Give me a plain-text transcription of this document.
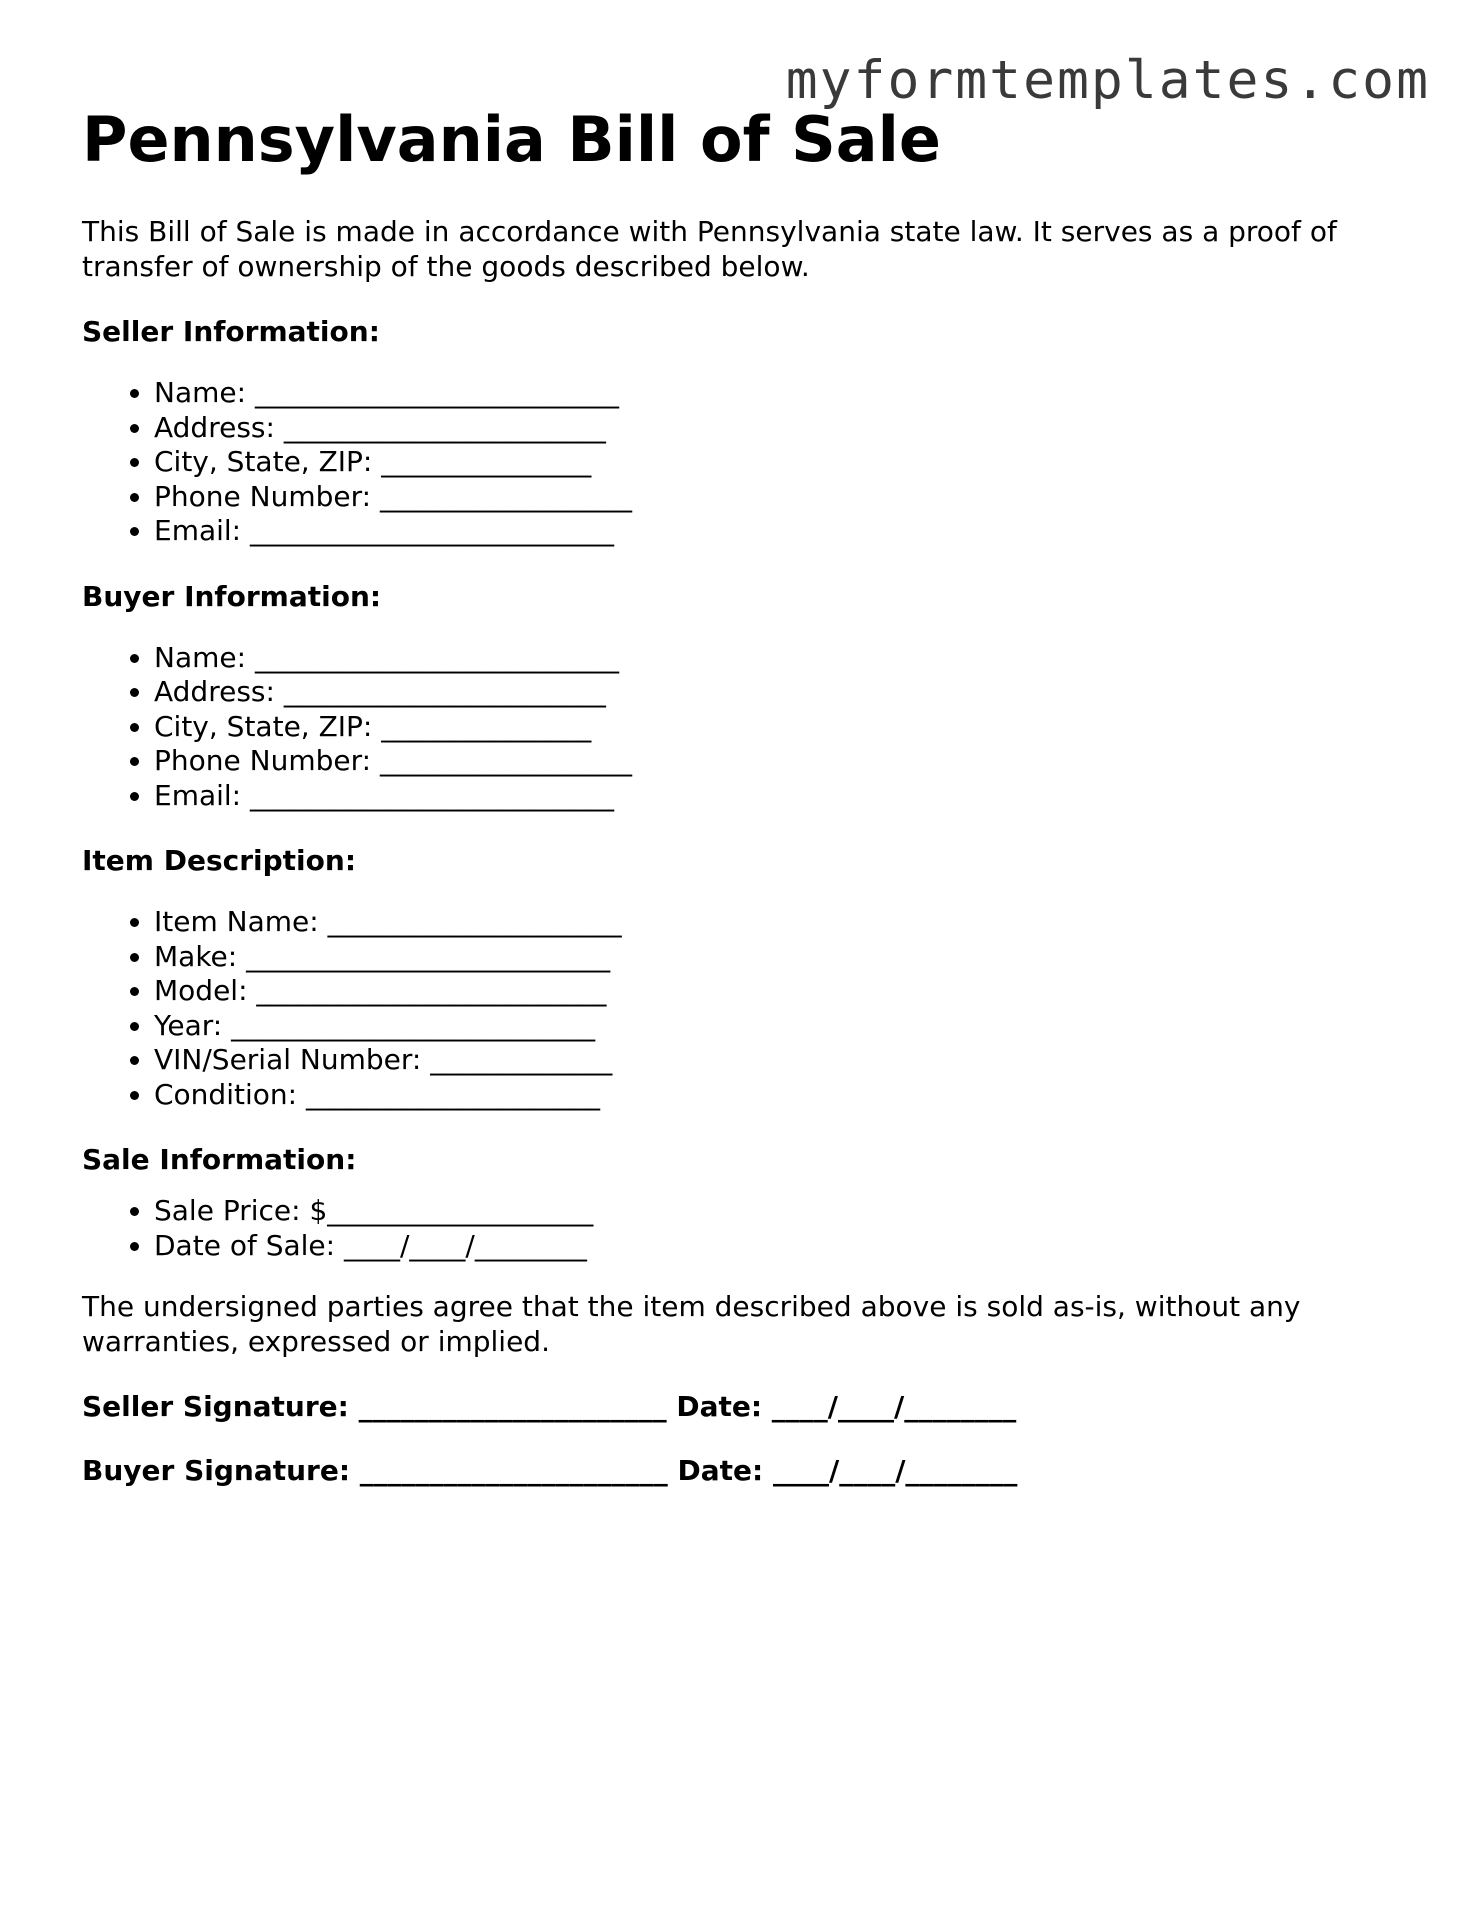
myformtemplates.com
Pennsylvania Bill of Sale

This Bill of Sale is made in accordance with Pennsylvania state law. It serves as a proof of transfer of ownership of the goods described below.

Seller Information:
• Name: __________________________
• Address: _______________________
• City, State, ZIP: _______________
• Phone Number: __________________
• Email: __________________________
Buyer Information:
• Name: __________________________
• Address: _______________________
• City, State, ZIP: _______________
• Phone Number: __________________
• Email: __________________________
Item Description:
• Item Name: _____________________
• Make: __________________________
• Model: _________________________
• Year: __________________________
• VIN/Serial Number: _____________
• Condition: _____________________
Sale Information:
• Sale Price: $___________________
• Date of Sale: ____/____/________

The undersigned parties agree that the item described above is sold as-is, without any warranties, expressed or implied.

Seller Signature: ______________________ Date: ____/____/________
Buyer Signature: ______________________ Date: ____/____/________
